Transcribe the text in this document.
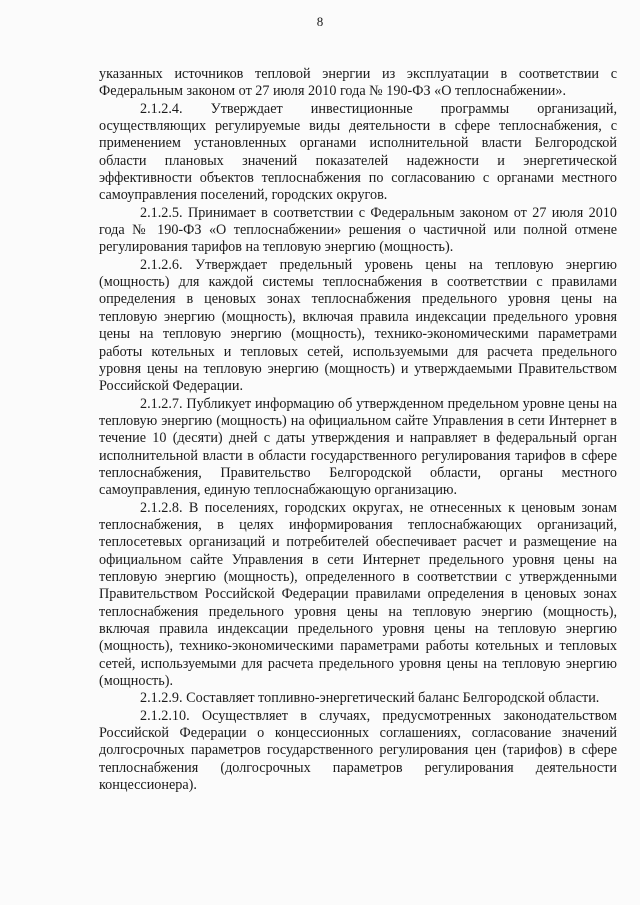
8

указанных источников тепловой энергии из эксплуатации в соответствии с Федеральным законом от 27 июля 2010 года № 190-ФЗ «О теплоснабжении».

2.1.2.4. Утверждает инвестиционные программы организаций, осуществляющих регулируемые виды деятельности в сфере теплоснабжения, с применением установленных органами исполнительной власти Белгородской области плановых значений показателей надежности и энергетической эффективности объектов теплоснабжения по согласованию с органами местного самоуправления поселений, городских округов.

2.1.2.5. Принимает в соответствии с Федеральным законом от 27 июля 2010 года № 190-ФЗ «О теплоснабжении» решения о частичной или полной отмене регулирования тарифов на тепловую энергию (мощность).

2.1.2.6. Утверждает предельный уровень цены на тепловую энергию (мощность) для каждой системы теплоснабжения в соответствии с правилами определения в ценовых зонах теплоснабжения предельного уровня цены на тепловую энергию (мощность), включая правила индексации предельного уровня цены на тепловую энергию (мощность), технико-экономическими параметрами работы котельных и тепловых сетей, используемыми для расчета предельного уровня цены на тепловую энергию (мощность) и утверждаемыми Правительством Российской Федерации.

2.1.2.7. Публикует информацию об утвержденном предельном уровне цены на тепловую энергию (мощность) на официальном сайте Управления в сети Интернет в течение 10 (десяти) дней с даты утверждения и направляет в федеральный орган исполнительной власти в области государственного регулирования тарифов в сфере теплоснабжения, Правительство Белгородской области, органы местного самоуправления, единую теплоснабжающую организацию.

2.1.2.8. В поселениях, городских округах, не отнесенных к ценовым зонам теплоснабжения, в целях информирования теплоснабжающих организаций, теплосетевых организаций и потребителей обеспечивает расчет и размещение на официальном сайте Управления в сети Интернет предельного уровня цены на тепловую энергию (мощность), определенного в соответствии с утвержденными Правительством Российской Федерации правилами определения в ценовых зонах теплоснабжения предельного уровня цены на тепловую энергию (мощность), включая правила индексации предельного уровня цены на тепловую энергию (мощность), технико-экономическими параметрами работы котельных и тепловых сетей, используемыми для расчета предельного уровня цены на тепловую энергию (мощность).

2.1.2.9. Составляет топливно-энергетический баланс Белгородской области.

2.1.2.10. Осуществляет в случаях, предусмотренных законодательством Российской Федерации о концессионных соглашениях, согласование значений долгосрочных параметров государственного регулирования цен (тарифов) в сфере теплоснабжения (долгосрочных параметров регулирования деятельности концессионера).
